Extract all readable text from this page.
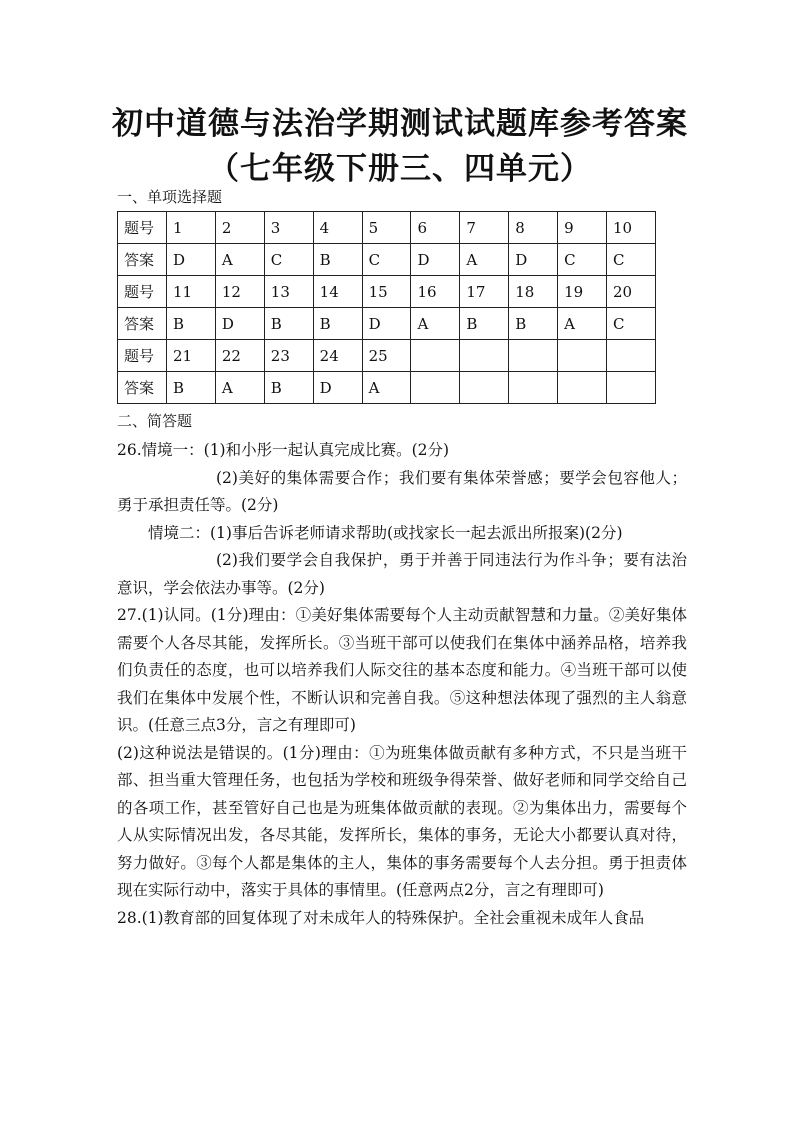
初中道德与法治学期测试试题库参考答案
（七年级下册三、四单元）
一、单项选择题
题号	1	2	3	4	5	6	7	8	9	10
答案	D	A	C	B	C	D	A	D	C	C
题号	11	12	13	14	15	16	17	18	19	20
答案	B	D	B	B	D	A	B	B	A	C
题号	21	22	23	24	25					
答案	B	A	B	D	A					
二、简答题

26.情境一：(1)和小彤一起认真完成比赛。(2分)

(2)美好的集体需要合作；我们要有集体荣誉感；要学会包容他人；勇于承担责任等。(2分)

情境二：(1)事后告诉老师请求帮助(或找家长一起去派出所报案)(2分)

(2)我们要学会自我保护，勇于并善于同违法行为作斗争；要有法治意识，学会依法办事等。(2分)

27.(1)认同。(1分)理由：①美好集体需要每个人主动贡献智慧和力量。②美好集体需要个人各尽其能，发挥所长。③当班干部可以使我们在集体中涵养品格，培养我们负责任的态度，也可以培养我们人际交往的基本态度和能力。④当班干部可以使我们在集体中发展个性，不断认识和完善自我。⑤这种想法体现了强烈的主人翁意识。(任意三点3分，言之有理即可)

(2)这种说法是错误的。(1分)理由：①为班集体做贡献有多种方式，不只是当班干部、担当重大管理任务，也包括为学校和班级争得荣誉、做好老师和同学交给自己的各项工作，甚至管好自己也是为班集体做贡献的表现。②为集体出力，需要每个人从实际情况出发，各尽其能，发挥所长，集体的事务，无论大小都要认真对待，努力做好。③每个人都是集体的主人，集体的事务需要每个人去分担。勇于担责体现在实际行动中，落实于具体的事情里。(任意两点2分，言之有理即可)

28.(1)教育部的回复体现了对未成年人的特殊保护。全社会重视未成年人食品
